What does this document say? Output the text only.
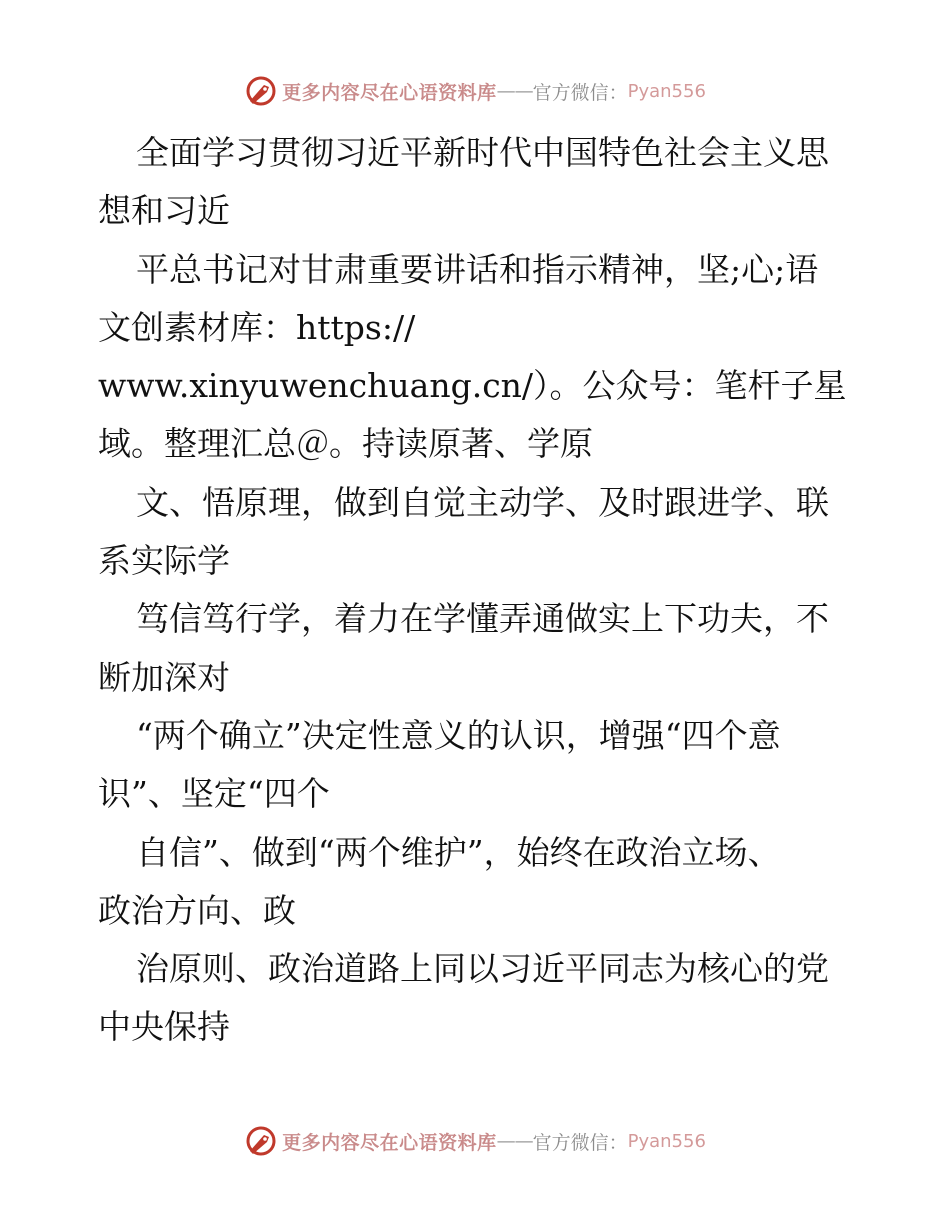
更多内容尽在心语资料库 —— 官方微信： Pyan556
全面学习贯彻习近平新时代中国特色社会主义思
想和习近
平总书记对甘肃重要讲话和指示精神，坚;心;语
文创素材库：https://
www.xinyuwenchuang.cn/）。公众号：笔杆子星
域。整理汇总＠。持读原著、学原
文、悟原理，做到自觉主动学、及时跟进学、联
系实际学
笃信笃行学，着力在学懂弄通做实上下功夫，不
断加深对
“两个确立”决定性意义的认识，增强“四个意
识”、坚定“四个
自信”、做到“两个维护”，始终在政治立场、
政治方向、政
治原则、政治道路上同以习近平同志为核心的党
中央保持
更多内容尽在心语资料库 —— 官方微信： Pyan556
